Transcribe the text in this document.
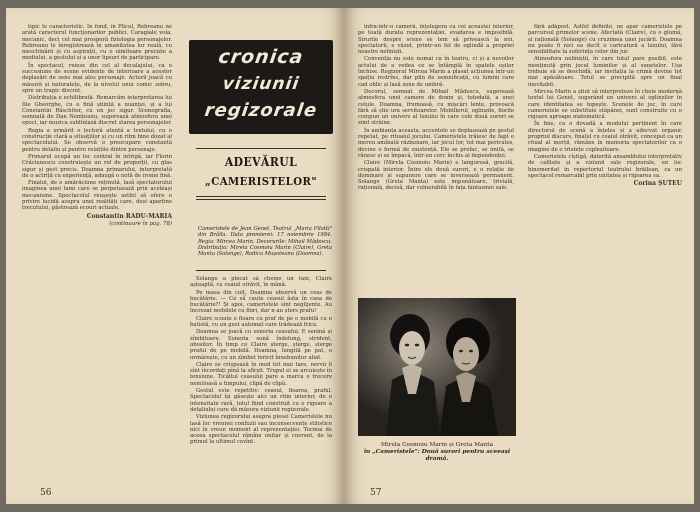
tipic le caracteristic. In fond, în Plicul, Rebreanu ne arată caracterul funcționarilor publici. Caragiale voia, mecanic, deci cel mai prosperă fiziologia personajelor. Rebreanu le înregistrează în umanitatea lor reală, cu meschinării și cu aspirații, cu o uimitoare precizie a mediului, a gestului și a unor lipsuri de participare.

În spectacol, reiese din cel al decalajului, ca o succesiune de scene evidente de interioare a acestor deplasări de sens mai ales personaje. Actorii joacă cu măsură și naturalețe, de la nivelul unui comic sobru, spre un tragic discret.

Distribuția e echilibrată. Remarcăm interpretarea lui Ilie Gheorghe, cu o fină știință a nuanței, și a lui Constantin Răschitor, cu un joc sigur. Scenografia, semnată de Dan Nemțeanu, sugerează atmosfera unei epoci, iar muzica subliniază discret starea personajelor.

Regia a urmărit o lectură atentă a textului, cu o construcție clară a situațiilor și cu un ritm bine dozat al spectacolului. Se observă o preocupare constantă pentru detaliu și pentru relațiile dintre personaje.

Primarul ocupă un loc central în intrigă, iar Florin Crăciunescu construiește un rol de proporții, cu glas sigur și gest precis. Doamna primarului, interpretată de o actriță cu experiență, adaugă o notă de ironie fină.

Finalul, de o amărăciune reținută, lasă spectatorului imaginea unei lumi care se perpetuează prin aceleași mecanisme. Spectacolul reușește astfel să ofere o privire lucidă asupra unei realități care, deși aparține trecutului, păstrează ecouri actuale.

Constantin RADU-MARIA

(continuare în pag. 78)

cronica
viziunii
regizorale
ADEVĂRUL
„CAMERISTELOR"
Cameristele de Jean Genet. Teatrul „Maria Filotti" din Brăila. Data premierei: 17 noiembrie 1984. Regia: Mircea Marin. Decorurile: Mihail Mădescu. Distribuția: Mirela Cosmoiu Marin (Claire), Greta Manta (Solange), Rodica Mușoteanu (Doamna).

Solange a plecat să cheme un taxi, Claire așteaptă, cu ceaiul otrăvit, în mână.

Pe masa din colț, Doamna observă un ceas de bucătărie. — Ce să caute ceasul ăsta în casa de bucătărie?! Și apoi, cameristele sînt neglijente. Au încrezat mobilele cu flori, dar n-au șters prafu!

Claire scoate o floare cu praf de pe o mobilă cu o batistă, cu un gest automat care trădează frica.

Doamna se joacă cu soneria ceasului. E senină și zîmbitoare. Soneria sună îndelung, strident, obositor. În timp ce Claire șterge, șterge, șterge praful de pe mobilă. Doamna, lungită pe pat, o urmărește, cu un zîmbet fericit înnebunitor aliat.

Claire se crispează în mod tot mai tare, nervii îi sînt încordați pînă la sfîrșit. Trupul ei se arcuiește în tensiune. Ticăitul ceasului pare a marca o trecere nemiloasă a timpului, clipă de clipă.

Gestul este repetitiv: ceasul, floarea, praful. Spectacolul își găsește aici un ritm interior, de o intensitate rară, totul fiind construit cu o rigoare a detaliului care dă măsura viziunii regizorale.

Viziunea regizorului asupra piesei Cameristele nu lasă loc vreunei confuzii sau inconsecvențe stilistice nici în vreun moment al reprezentației. Tocmai de aceea spectacolul rămîne unitar și coerent, de la primul la ultimul cuvînt.

56

infra-intr-o cameră, înțelegera cu cei aceastei interior, pe toată durata reprezentației, evadarea e imposibilă. Sirurile despre scene se tem să privească la noi, spectatorii, e văzut, printr-un fel de oglindă a propriei noastre neliniști.

Convenția nu este numai ca în teatru, ci și a nevoilor actului de a vedea ce se întâmplă în spatele ușilor închise. Regizorul Mircea Marin a plasat acțiunea într-un spațiu restrîns, dar plin de semnificații, cu lumini care cad oblic și lasă zone de umbră.

Decorul, semnat de Mihail Mădescu, sugerează atmosfera unei camere de domn și, totodată, a unei celule. Doamna, frumoasă, cu mișcări lente, provoacă fără să știe ura servitoarelor. Mobilierul, oglinzile, florile compun un univers al luxului în care cele două surori se simt străine.

În ambianța aceasta, accentele se deplasează pe gestul repetat, pe ritualul jocului. Cameristele trăiesc de fapt o mereu amînată răzbunare, iar jocul lor, tot mai periculos, devine o formă de existență. Ele se prefac, se imită, se rănesc și se împacă, într-un cerc închis al dependenței.

Claire (Mirela Cosmoiu Marin) e langurosă, gracilă, crispată interior. Între ele două surori, e o relație de dominare și supunere care se inversează permanent. Solange (Greta Manta) este impunătoare, trivială, rațională, decisă, dar vulnerabilă în fața fantasmei sale.

Mirela Cosmoiu Marin și Greta Manta
în „Cameristele": Două surori pentru aceeași dramă.

fără adăpost. Astfel definite, ne apar cameristele pe parcursul primelor scene. Afectată (Claire), cu o glumă, și rațională (Solange) cu cruzimea unei jucării. Doamna nu poate fi nici ea decît o caricatură a luxului, fără sensibilitate la suferința celor din jur.

Atmosfera neliniștii, în care totul pare posibil, este menținută prin jocul luminilor și al sunetelor. Ușa trebuie să se deschidă, iar invitația la crimă devine tot mai apăsătoare. Totul se precipită spre un final inevitabil.

Mircea Marin a știut să interpreteze în cheie modernă textul lui Genet, sugerând un univers al oglinzilor în care identitatea se topește. Scenele de joc, în care cameristele se substituie stăpânei, sunt construite cu o rigoare aproape matematică.

În fine, ca o dovadă a modului pertinent în care directorul de scenă a înțeles și a adecvat organic propriul discurs, finalul cu ceaiul otrăvit, conceput ca un ritual al morții, rămâne în memoria spectatorilor ca o imagine de o tristețe copleșitoare.

Cameristele cîștigă, datorită ansamblului interpretativ de calitate și a viziunii sale regizorale, un loc binemeritat în repertoriul teatrului brăilean, ca un spectacol remarcabil prin unitatea și rigoarea sa.

Corina ȘUTEU

57
